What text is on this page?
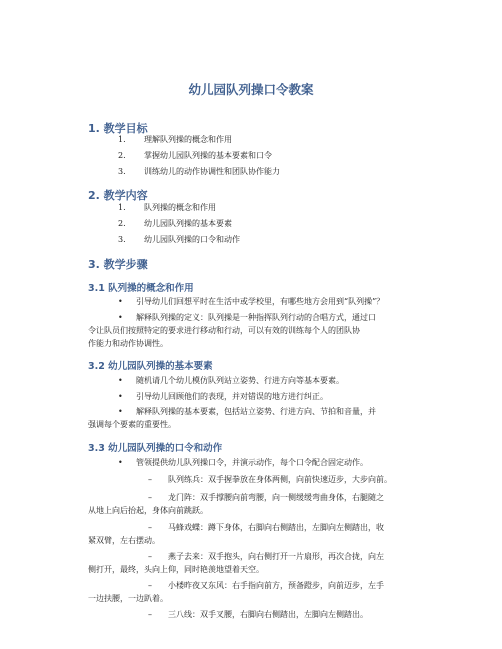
幼儿园队列操口令教案
1. 教学目标
1. 理解队列操的概念和作用
2. 掌握幼儿园队列操的基本要素和口令
3. 训练幼儿的动作协调性和团队协作能力
2. 教学内容
1. 队列操的概念和作用
2. 幼儿园队列操的基本要素
3. 幼儿园队列操的口令和动作
3. 教学步骤
3.1 队列操的概念和作用
• 引导幼儿们回想平时在生活中或学校里，有哪些地方会用到“队列操”？
• 解释队列操的定义：队列操是一种指挥队列行动的合唱方式，通过口
令让队员们按照特定的要求进行移动和行动，可以有效的训练每个人的团队协
作能力和动作协调性。
3.2 幼儿园队列操的基本要素
• 随机请几个幼儿模仿队列站立姿势、行进方向等基本要素。
• 引导幼儿回顾他们的表现，并对错误的地方进行纠正。
• 解释队列操的基本要素，包括站立姿势、行进方向、节拍和音量，并
强调每个要素的重要性。
3.3 幼儿园队列操的口令和动作
• 管领提供幼儿队列操口令，并演示动作，每个口令配合固定动作。
– 队列练兵：双手握拳放在身体两侧，向前快速迈步，大步向前。
– 龙门阵：双手撑腰向前弯腰，向一侧缓缓弯曲身体，右腿随之
从地上向后抬起，身体向前跳跃。
– 马蜂戏蝶：蹲下身体，右脚向右侧踏出，左脚向左侧踏出，收
紧双臂，左右摆动。
– 燕子去来：双手抱头，向右侧打开一片扇形，再次合拢，向左
侧打开，最终，头向上仰，同时艳羡地望着天空。
– 小楼昨夜又东风：右手指向前方，预备蹬步，向前迈步，左手
一边扶腰，一边趴着。
– 三八线：双手叉腰，右脚向右侧踏出，左脚向左侧踏出。
